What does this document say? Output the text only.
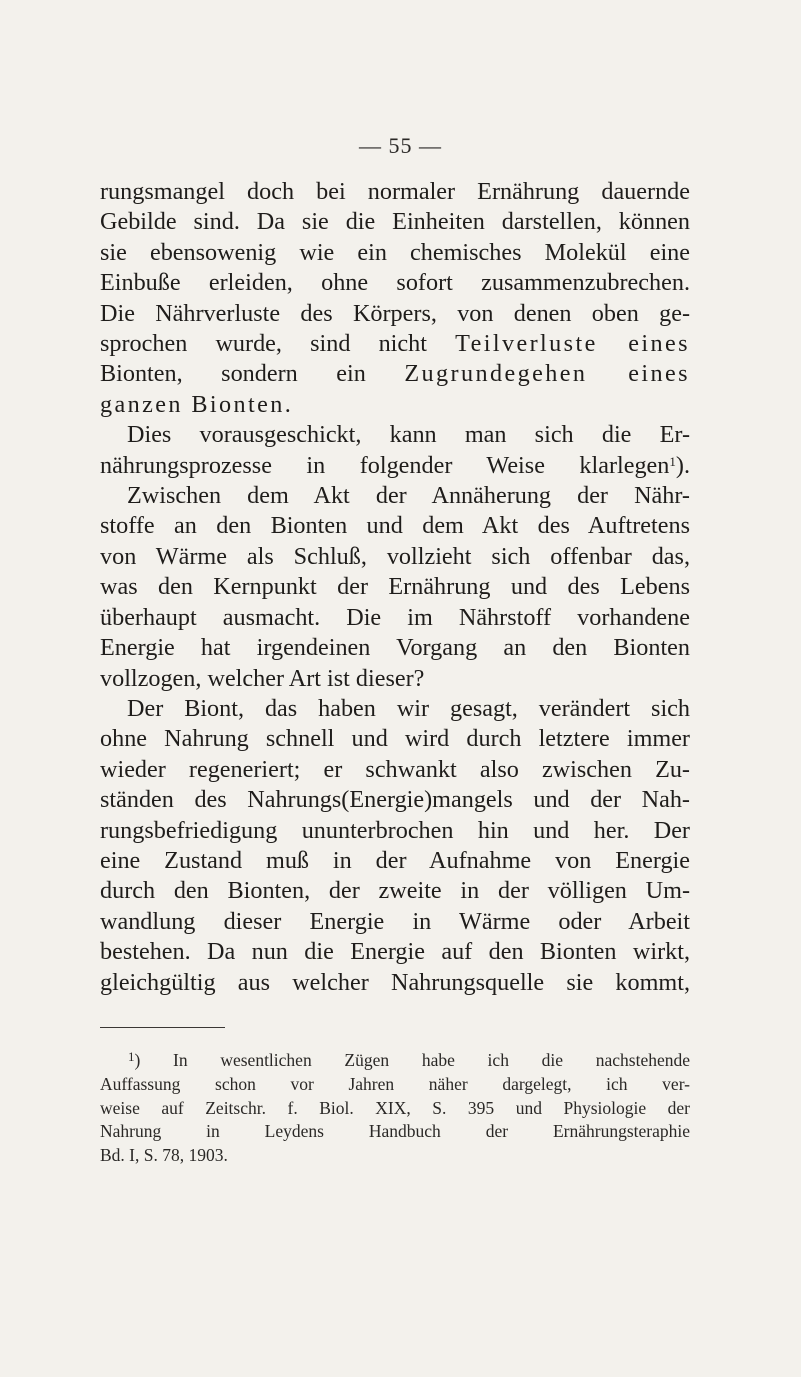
— 55 —
rungsmangel doch bei normaler Ernährung dauernde
Gebilde sind. Da sie die Einheiten darstellen, können
sie ebensowenig wie ein chemisches Molekül eine
Einbuße erleiden, ohne sofort zusammenzubrechen.
Die Nährverluste des Körpers, von denen oben ge-
sprochen wurde, sind nicht Teilverluste eines
Bionten, sondern ein Zugrundegehen eines
ganzen Bionten.
Dies vorausgeschickt, kann man sich die Er-
nährungsprozesse in folgender Weise klarlegen$^1$).
Zwischen dem Akt der Annäherung der Nähr-
stoffe an den Bionten und dem Akt des Auftretens
von Wärme als Schluß, vollzieht sich offenbar das,
was den Kernpunkt der Ernährung und des Lebens
überhaupt ausmacht. Die im Nährstoff vorhandene
Energie hat irgendeinen Vorgang an den Bionten
vollzogen, welcher Art ist dieser?
Der Biont, das haben wir gesagt, verändert sich
ohne Nahrung schnell und wird durch letztere immer
wieder regeneriert; er schwankt also zwischen Zu-
ständen des Nahrungs(Energie)mangels und der Nah-
rungsbefriedigung ununterbrochen hin und her. Der
eine Zustand muß in der Aufnahme von Energie
durch den Bionten, der zweite in der völligen Um-
wandlung dieser Energie in Wärme oder Arbeit
bestehen. Da nun die Energie auf den Bionten wirkt,
gleichgültig aus welcher Nahrungsquelle sie kommt,
$^1$) In wesentlichen Zügen habe ich die nachstehende
Auffassung schon vor Jahren näher dargelegt, ich ver-
weise auf Zeitschr. f. Biol. XIX, S. 395 und Physiologie der
Nahrung in Leydens Handbuch der Ernährungsteraphie
Bd. I, S. 78, 1903.
